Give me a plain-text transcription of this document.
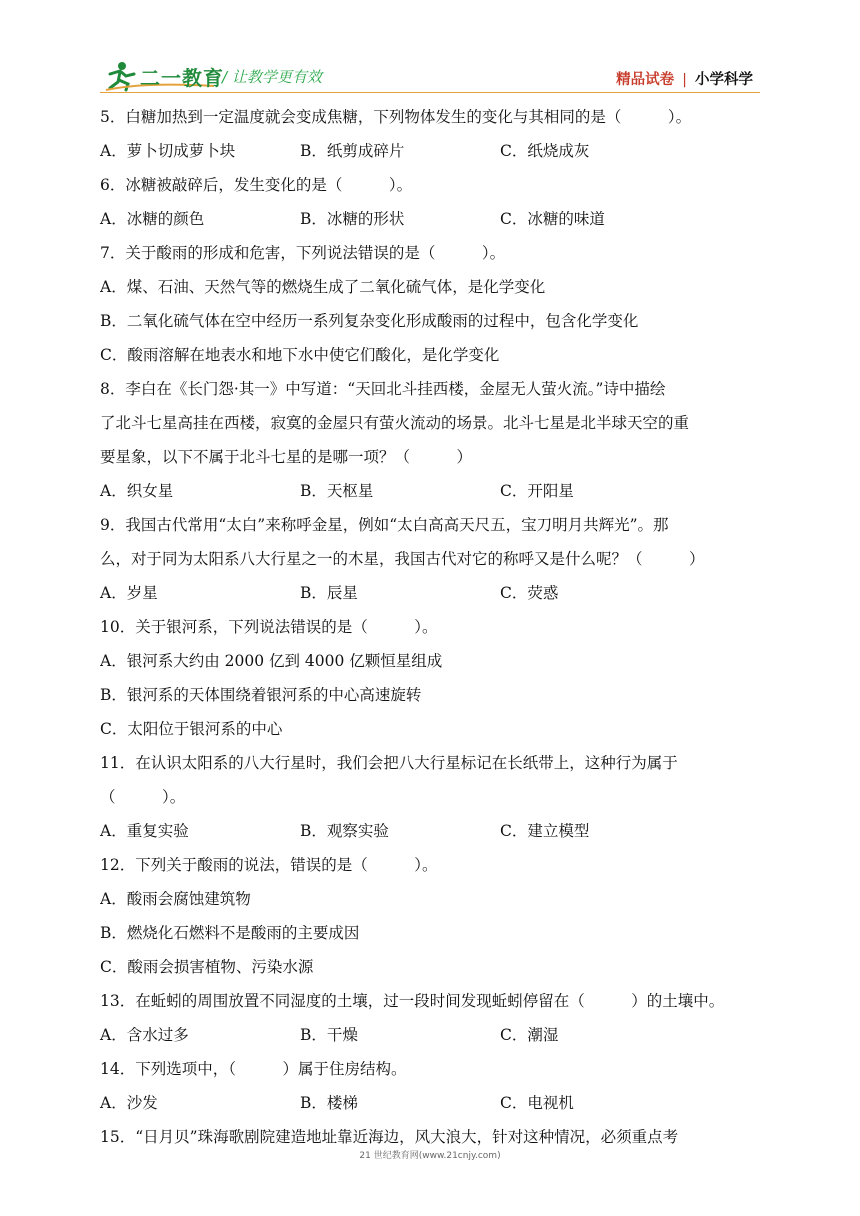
二一教育
/ 让教学更有效	精品试卷 | 小学科学
5．白糖加热到一定温度就会变成焦糖，下列物体发生的变化与其相同的是（　　　）。
A．萝卜切成萝卜块	B．纸剪成碎片	C．纸烧成灰
6．冰糖被敲碎后，发生变化的是（　　　）。
A．冰糖的颜色	B．冰糖的形状	C．冰糖的味道
7．关于酸雨的形成和危害，下列说法错误的是（　　　）。
A．煤、石油、天然气等的燃烧生成了二氧化硫气体，是化学变化
B．二氧化硫气体在空中经历一系列复杂变化形成酸雨的过程中，包含化学变化
C．酸雨溶解在地表水和地下水中使它们酸化，是化学变化
8．李白在《长门怨·其一》中写道：“天回北斗挂西楼，金屋无人萤火流。”诗中描绘
了北斗七星高挂在西楼，寂寞的金屋只有萤火流动的场景。北斗七星是北半球天空的重
要星象，以下不属于北斗七星的是哪一项？（　　　）
A．织女星	B．天枢星	C．开阳星
9．我国古代常用“太白”来称呼金星，例如“太白高高天尺五，宝刀明月共辉光”。那
么，对于同为太阳系八大行星之一的木星，我国古代对它的称呼又是什么呢？（　　　）
A．岁星	B．辰星	C．荧惑
10．关于银河系，下列说法错误的是（　　　）。
A．银河系大约由 2000 亿到 4000 亿颗恒星组成
B．银河系的天体围绕着银河系的中心高速旋转
C．太阳位于银河系的中心
11．在认识太阳系的八大行星时，我们会把八大行星标记在长纸带上，这种行为属于
（　　　）。
A．重复实验	B．观察实验	C．建立模型
12．下列关于酸雨的说法，错误的是（　　　）。
A．酸雨会腐蚀建筑物
B．燃烧化石燃料不是酸雨的主要成因
C．酸雨会损害植物、污染水源
13．在蚯蚓的周围放置不同湿度的土壤，过一段时间发现蚯蚓停留在（　　　）的土壤中。
A．含水过多	B．干燥	C．潮湿
14．下列选项中，（　　　）属于住房结构。
A．沙发	B．楼梯	C．电视机
15．“日月贝”珠海歌剧院建造地址靠近海边，风大浪大，针对这种情况，必须重点考
21 世纪教育网(www.21cnjy.com)
